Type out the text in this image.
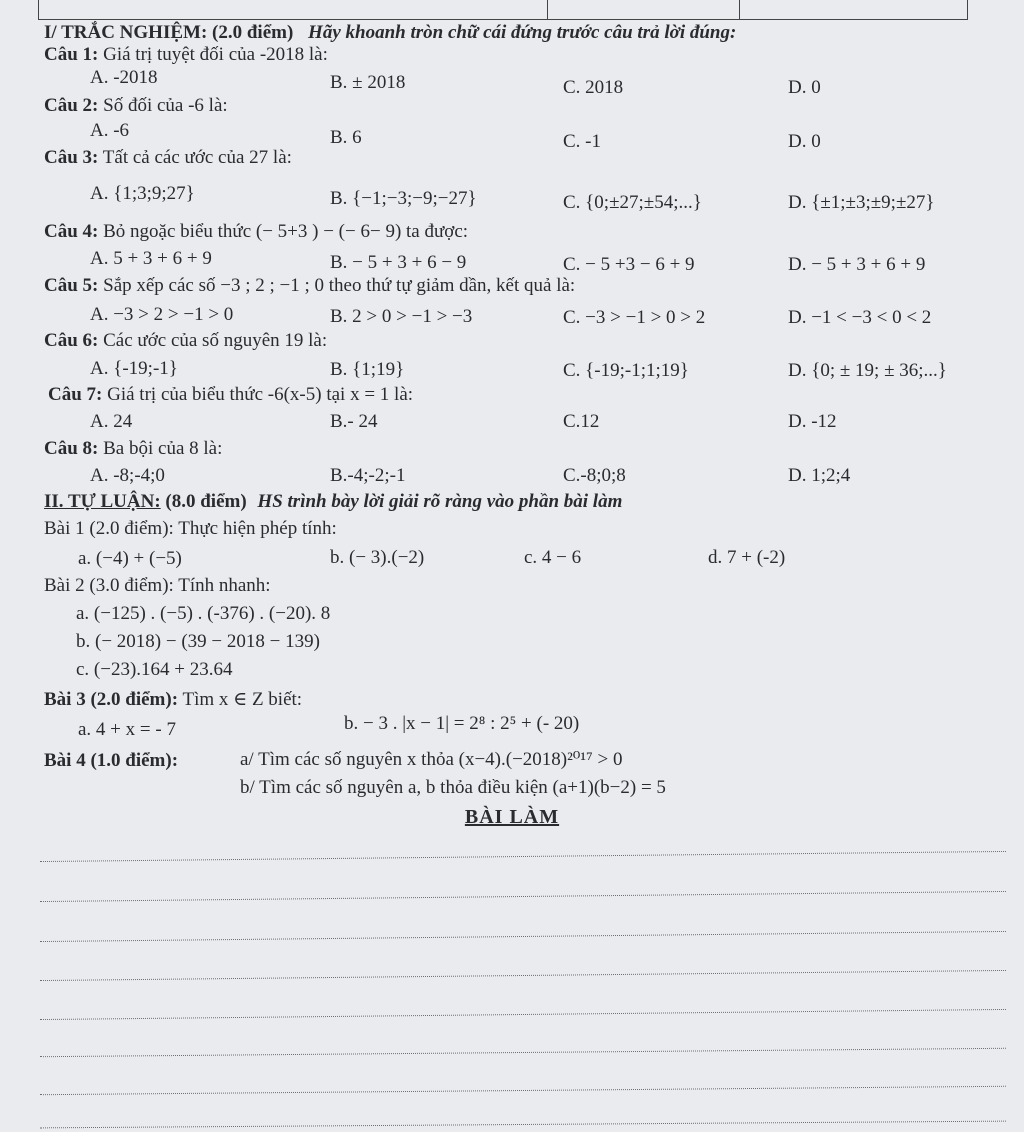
I/ TRẮC NGHIỆM: (2.0 điểm) Hãy khoanh tròn chữ cái đứng trước câu trả lời đúng:
Câu 1: Giá trị tuyệt đối của -2018 là:
A. -2018	B. ± 2018	C. 2018	D. 0
Câu 2: Số đối của -6 là:
A. -6	B. 6	C. -1	D. 0
Câu 3: Tất cả các ước của 27 là:
A. {1;3;9;27}	B. {−1;−3;−9;−27}	C. {0;±27;±54;...}	D. {±1;±3;±9;±27}
Câu 4: Bỏ ngoặc biểu thức (− 5+3 ) − (− 6− 9) ta được:
A. 5 + 3 + 6 + 9	B. − 5 + 3 + 6 − 9	C. − 5 +3 − 6 + 9	D. − 5 + 3 + 6 + 9
Câu 5: Sắp xếp các số −3 ; 2 ; −1 ; 0 theo thứ tự giảm dần, kết quả là:
A. −3 > 2 > −1 > 0	B. 2 > 0 > −1 > −3	C. −3 > −1 > 0 > 2	D. −1 < −3 < 0 < 2
Câu 6: Các ước của số nguyên 19 là:
A. {-19;-1}	B. {1;19}	C. {-19;-1;1;19}	D. {0; ± 19; ± 36;...}
Câu 7: Giá trị của biểu thức -6(x-5) tại x = 1 là:
A. 24	B.- 24	C.12	D. -12
Câu 8: Ba bội của 8 là:
A. -8;-4;0	B.-4;-2;-1	C.-8;0;8	D. 1;2;4
II. TỰ LUẬN: (8.0 điểm) HS trình bày lời giải rõ ràng vào phần bài làm
Bài 1 (2.0 điểm): Thực hiện phép tính:
a. (−4) + (−5)	b. (− 3).(−2)	c. 4 − 6	d. 7 + (-2)
Bài 2 (3.0 điểm): Tính nhanh:
a. (−125) . (−5) . (-376) . (−20). 8
b. (− 2018) − (39 − 2018 − 139)
c. (−23).164 + 23.64
Bài 3 (2.0 điểm): Tìm x ∈ Z biết:
a. 4 + x = - 7	b. − 3 . |x − 1| = 2⁸ : 2⁵ + (- 20)
Bài 4 (1.0 điểm):	a/ Tìm các số nguyên x thỏa (x−4).(−2018)²⁰¹⁷ > 0
b/ Tìm các số nguyên a, b thỏa điều kiện (a+1)(b−2) = 5
BÀI LÀM
